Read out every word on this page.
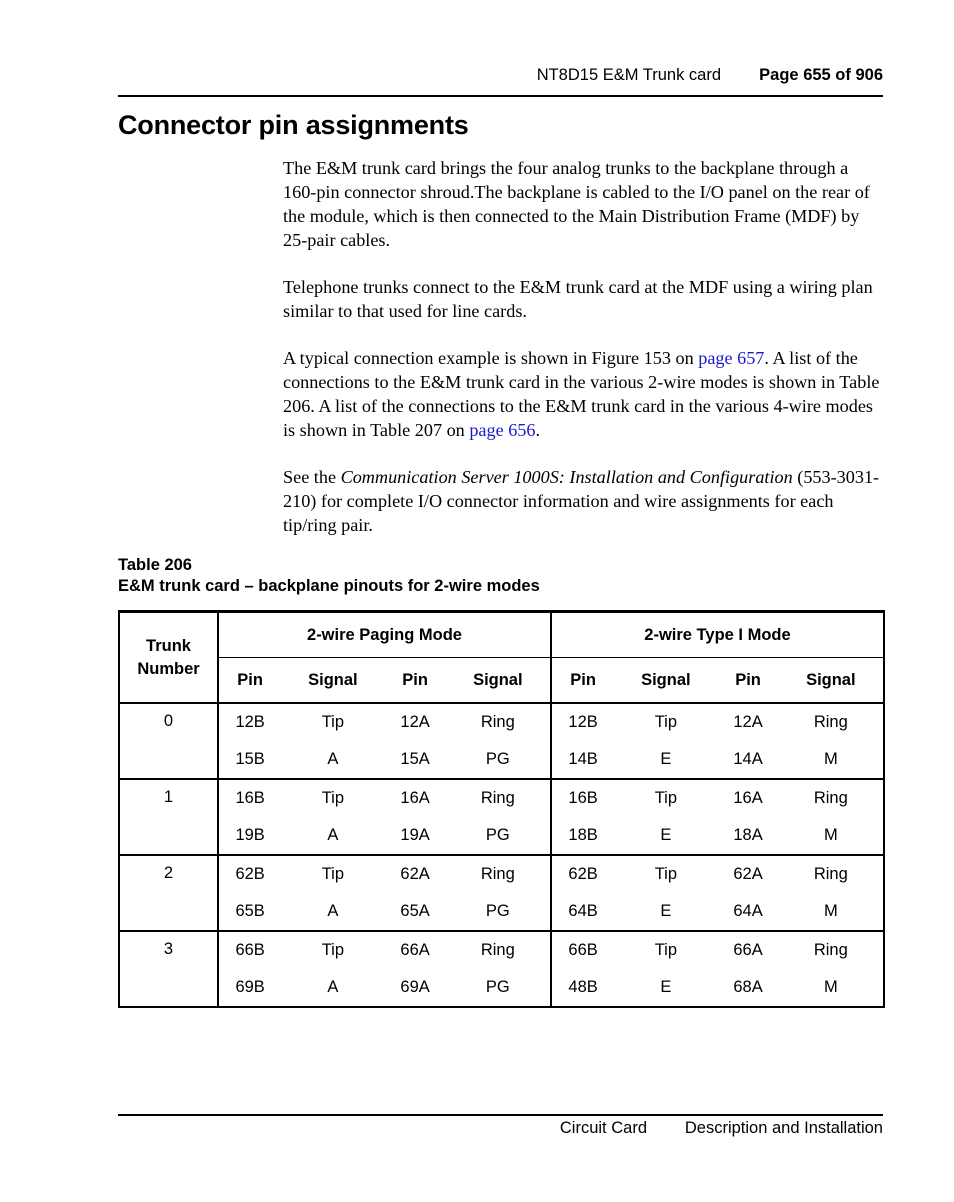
NT8D15 E&M Trunk card Page 655 of 906
Connector pin assignments

The E&M trunk card brings the four analog trunks to the backplane through a 160-pin connector shroud.The backplane is cabled to the I/O panel on the rear of the module, which is then connected to the Main Distribution Frame (MDF) by 25-pair cables.

Telephone trunks connect to the E&M trunk card at the MDF using a wiring plan similar to that used for line cards.

A typical connection example is shown in Figure 153 on page 657. A list of the connections to the E&M trunk card in the various 2-wire modes is shown in Table 206. A list of the connections to the E&M trunk card in the various 4-wire modes is shown in Table 207 on page 656.

See the Communication Server 1000S: Installation and Configuration (553-3031-210) for complete I/O connector information and wire assignments for each tip/ring pair.

Table 206
E&M trunk card – backplane pinouts for 2-wire modes
Trunk
Number	2-wire Paging Mode				2-wire Type I Mode			
	Pin	Signal	Pin	Signal	Pin	Signal	Pin	Signal
0	12B	Tip	12A	Ring	12B	Tip	12A	Ring
	15B	A	15A	PG	14B	E	14A	M
1	16B	Tip	16A	Ring	16B	Tip	16A	Ring
	19B	A	19A	PG	18B	E	18A	M
2	62B	Tip	62A	Ring	62B	Tip	62A	Ring
	65B	A	65A	PG	64B	E	64A	M
3	66B	Tip	66A	Ring	66B	Tip	66A	Ring
	69B	A	69A	PG	48B	E	68A	M
Circuit Card Description and Installation
